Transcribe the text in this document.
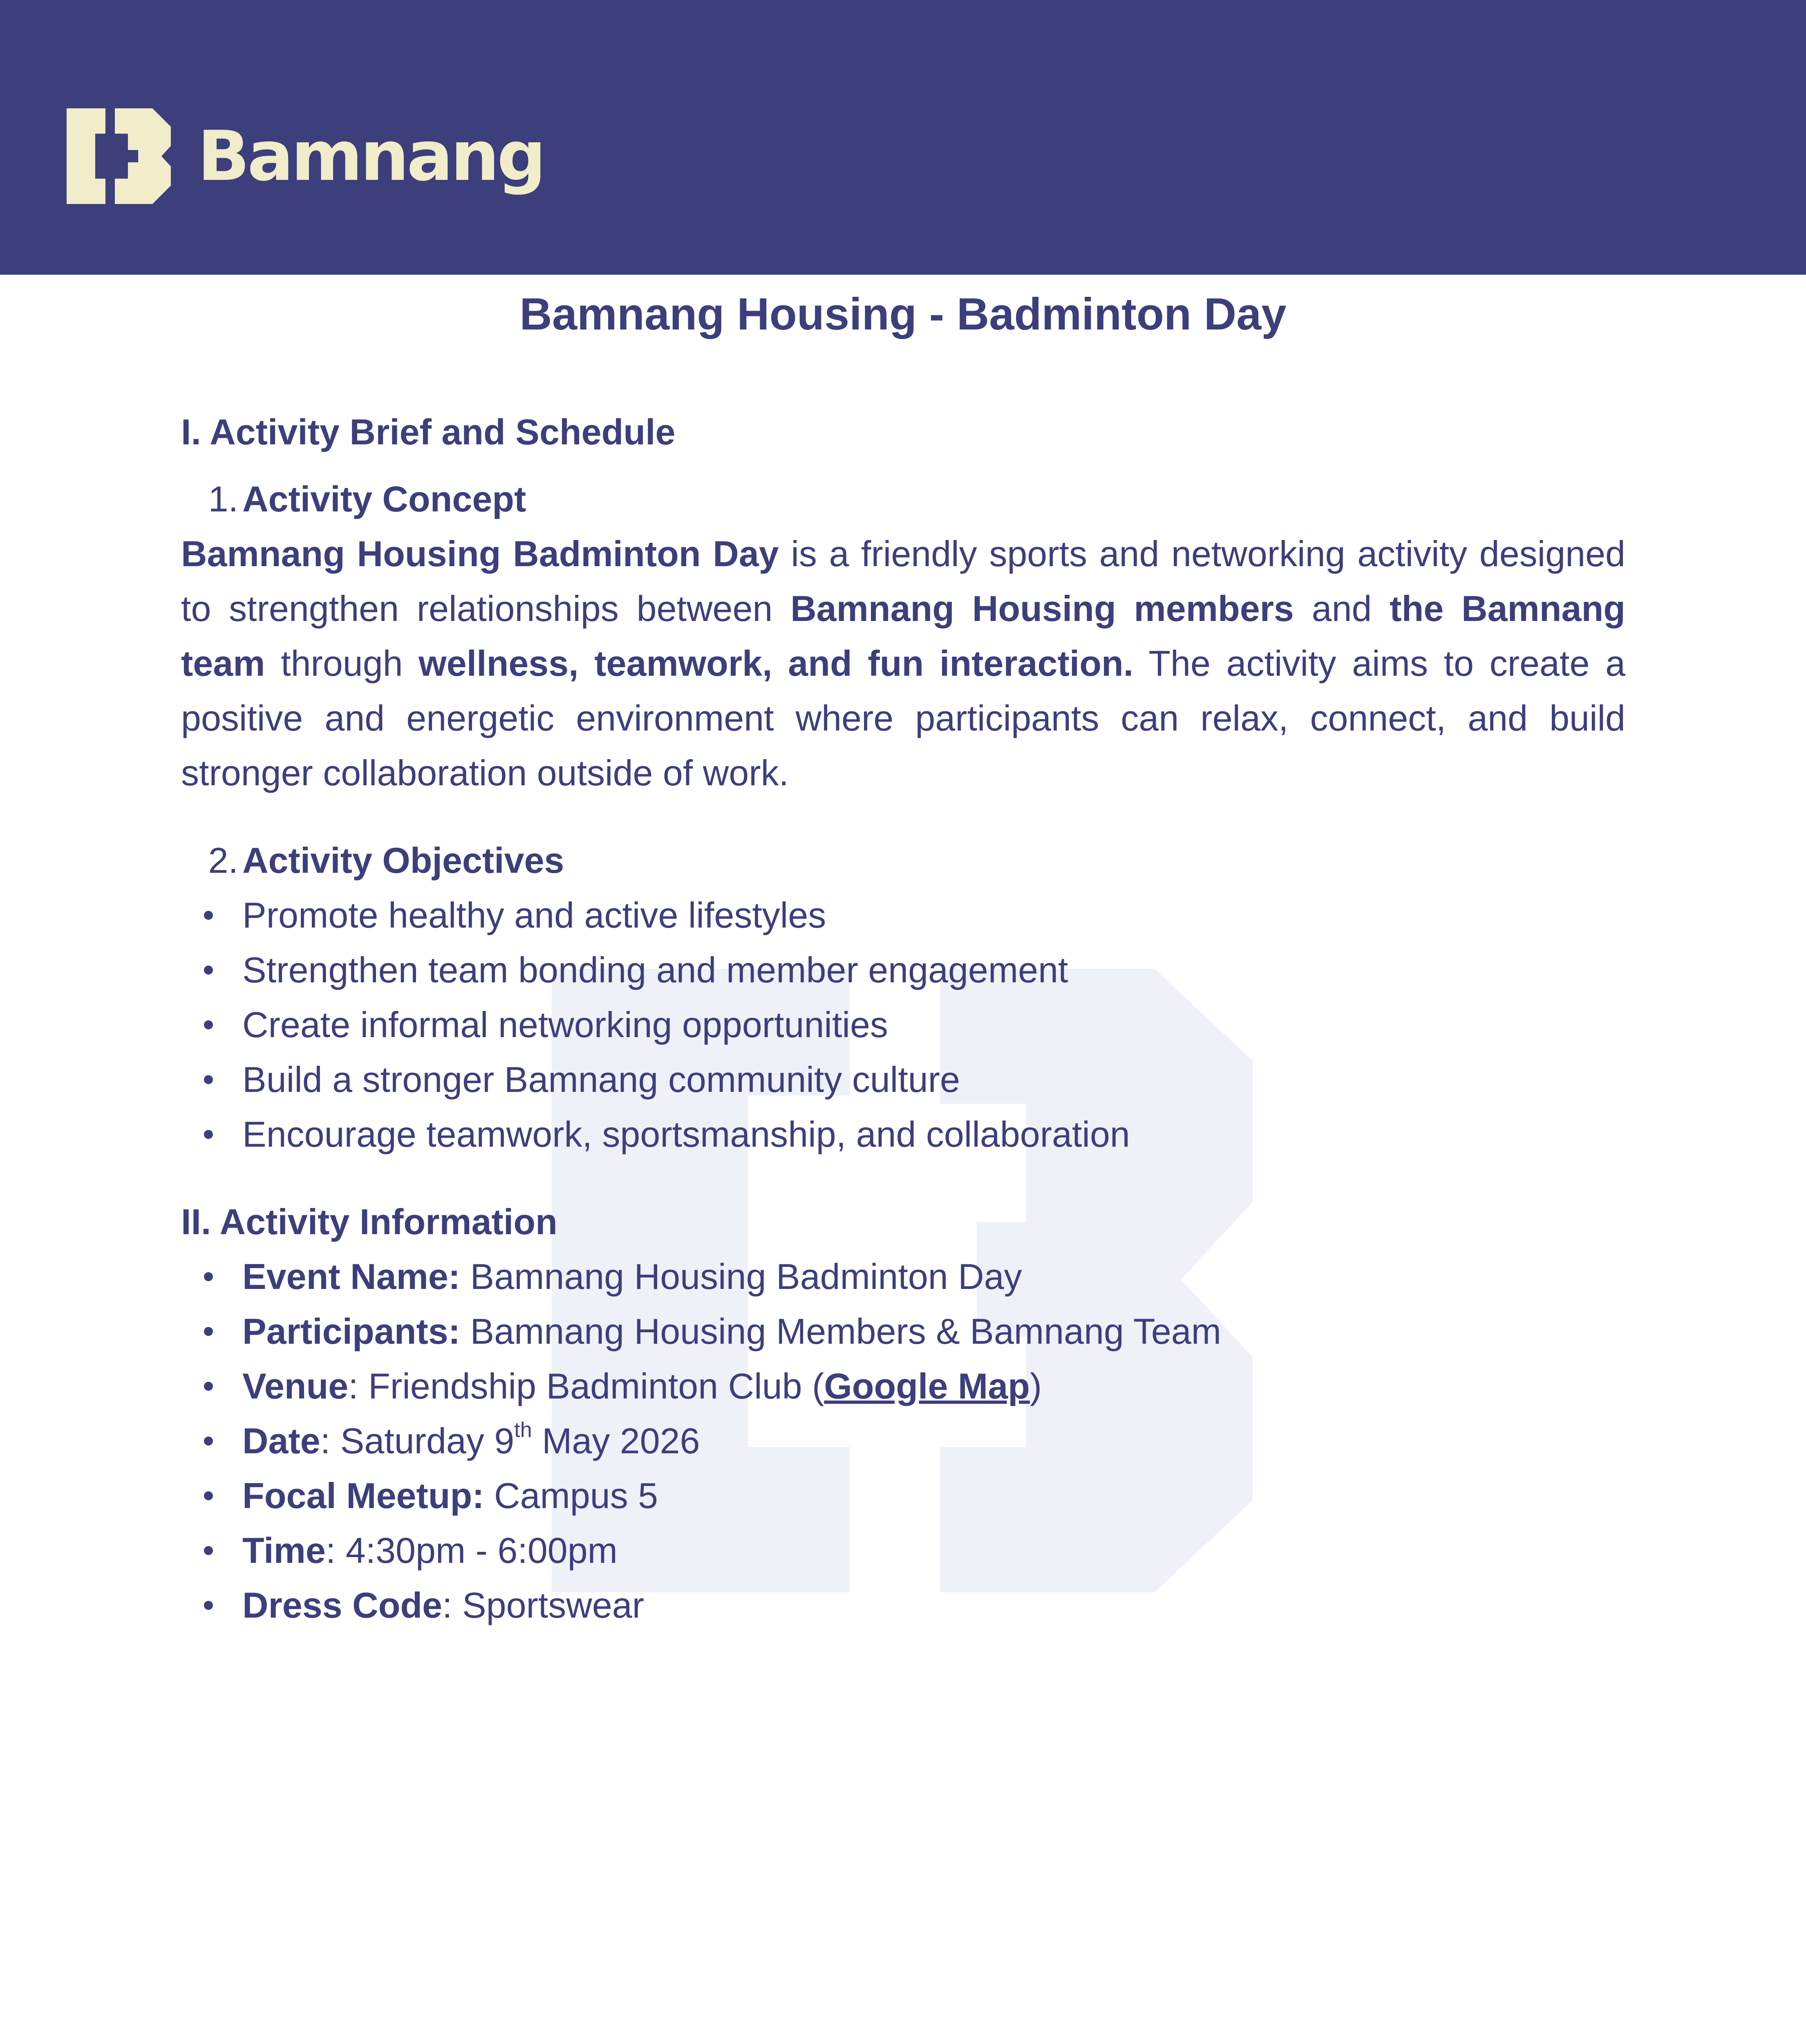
Bamnang
Bamnang Housing - Badminton Day

I. Activity Brief and Schedule

1. Activity Concept

Bamnang Housing Badminton Day is a friendly sports and networking activity designed to strengthen relationships between Bamnang Housing members and the Bamnang team through wellness, teamwork, and fun interaction. The activity aims to create a positive and energetic environment where participants can relax, connect, and build stronger collaboration outside of work.

2. Activity Objectives

Promote healthy and active lifestyles
Strengthen team bonding and member engagement
Create informal networking opportunities
Build a stronger Bamnang community culture
Encourage teamwork, sportsmanship, and collaboration

II. Activity Information

Event Name: Bamnang Housing Badminton Day
Participants: Bamnang Housing Members & Bamnang Team
Venue: Friendship Badminton Club (Google Map)
Date: Saturday 9th May 2026
Focal Meetup: Campus 5
Time: 4:30pm - 6:00pm
Dress Code: Sportswear
